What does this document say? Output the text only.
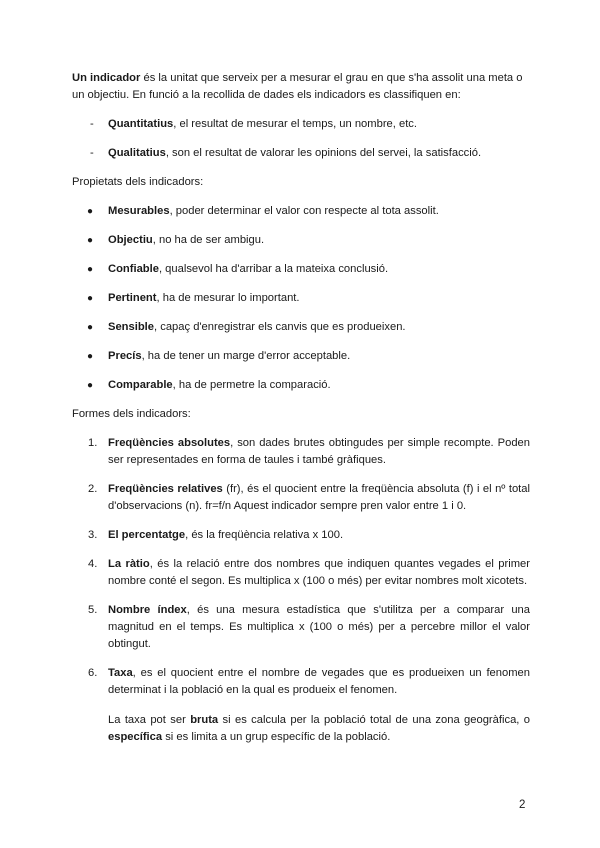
Un indicador és la unitat que serveix per a mesurar el grau en que s'ha assolit una meta o un objectiu. En funció a la recollida de dades els indicadors es classifiquen en:

- Quantitatius, el resultat de mesurar el temps, un nombre, etc.
- Qualitatius, son el resultat de valorar les opinions del servei, la satisfacció.

Propietats dels indicadors:

● Mesurables, poder determinar el valor con respecte al tota assolit.
● Objectiu, no ha de ser ambigu.
● Confiable, qualsevol ha d'arribar a la mateixa conclusió.
● Pertinent, ha de mesurar lo important.
● Sensible, capaç d'enregistrar els canvis que es produeixen.
● Precís, ha de tener un marge d'error acceptable.
● Comparable, ha de permetre la comparació.

Formes dels indicadors:

1. Freqüències absolutes, son dades brutes obtingudes per simple recompte. Poden ser representades en forma de taules i també gràfiques.
2. Freqüències relatives (fr), és el quocient entre la freqüència absoluta (f) i el nº total d'observacions (n). fr=f/n Aquest indicador sempre pren valor entre 1 i 0.
3. El percentatge, és la freqüència relativa x 100.
4. La ràtio, és la relació entre dos nombres que indiquen quantes vegades el primer nombre conté el segon. Es multiplica x (100 o més) per evitar nombres molt xicotets.
5. Nombre índex, és una mesura estadística que s'utilitza per a comparar una magnitud en el temps. Es multiplica x (100 o més) per a percebre millor el valor obtingut.
6. Taxa, es el quocient entre el nombre de vegades que es produeixen un fenomen determinat i la població en la qual es produeix el fenomen.

La taxa pot ser bruta si es calcula per la població total de una zona geogràfica, o específica si es limita a un grup específic de la població.

2
